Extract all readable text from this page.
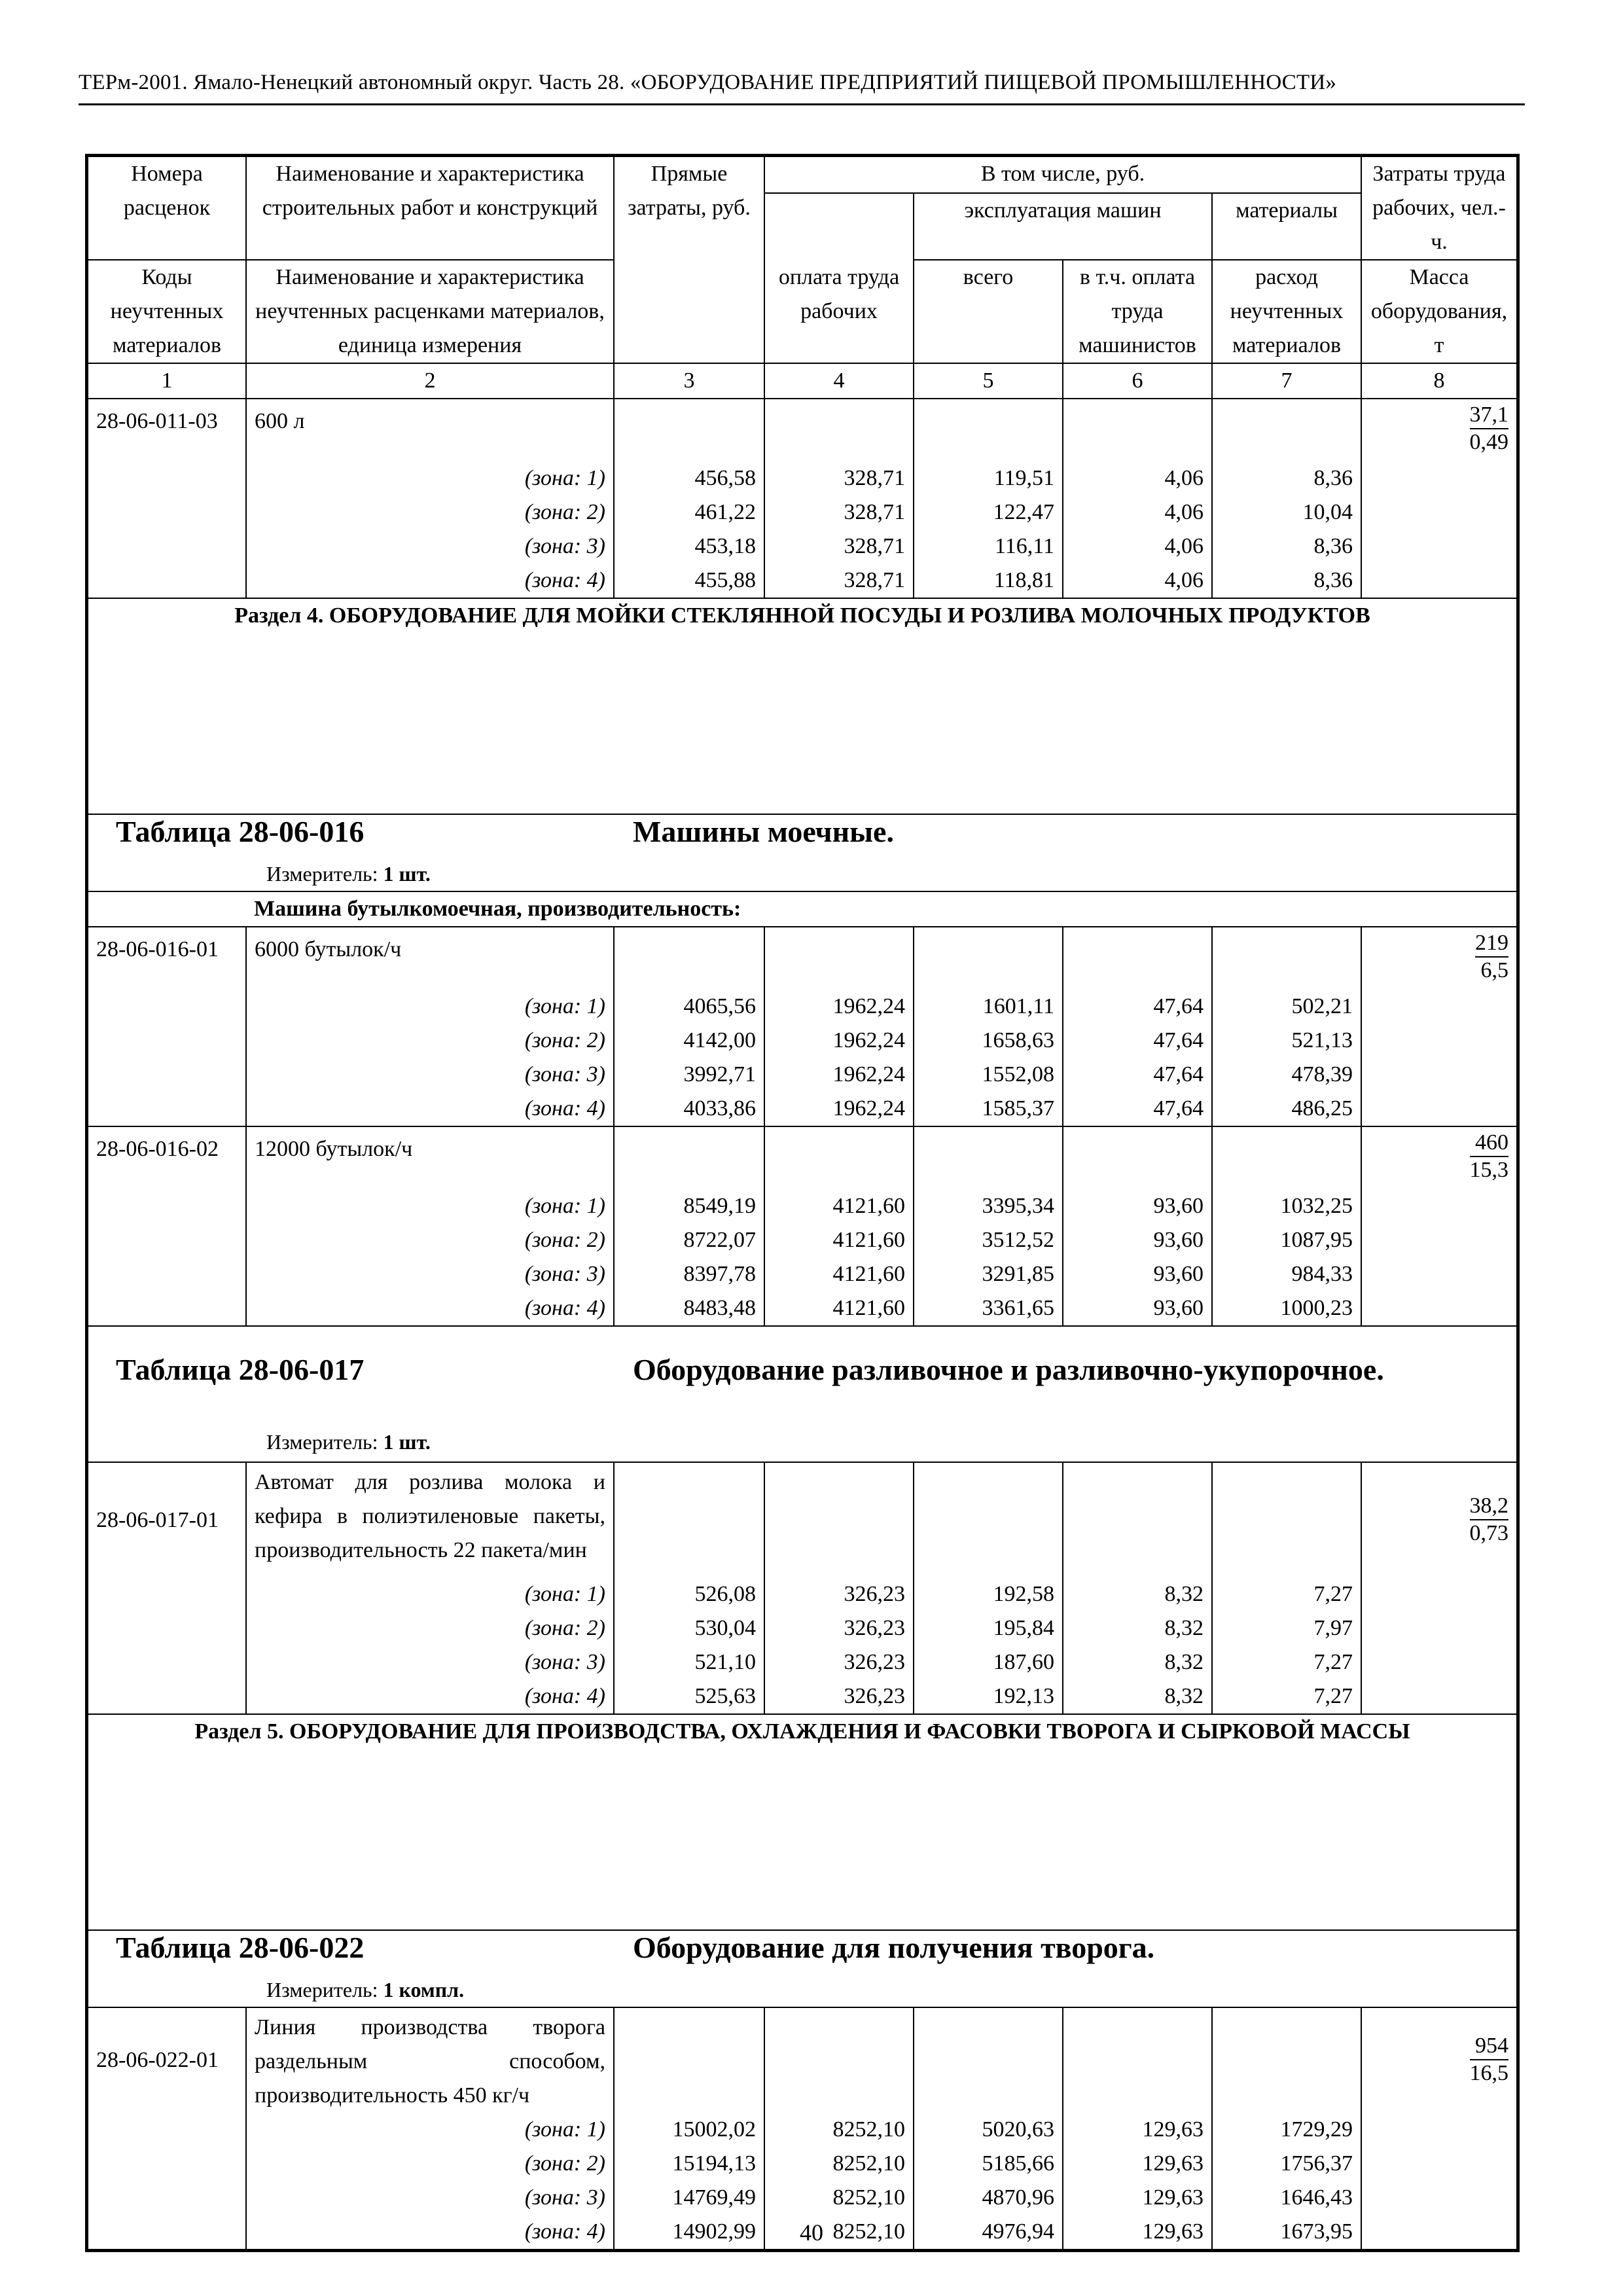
ТЕРм-2001. Ямало-Ненецкий автономный округ. Часть 28. «ОБОРУДОВАНИЕ ПРЕДПРИЯТИЙ ПИЩЕВОЙ ПРОМЫШЛЕННОСТИ»
Номера расценок	Наименование и характеристика строительных работ и конструкций	Прямые затраты, руб.	В том числе, руб.				Затраты труда рабочих, чел.-ч.
				эксплуатация машин		материалы	
Коды неучтенных материалов	Наименование и характеристика неучтенных расценками материалов, единица измерения			всего	в т.ч. оплата труда машинистов	расход неучтенных материалов	Масса оборудования, т
			оплата труда рабочих				
1	2	3	4	5	6	7	8
28-06-011-03	600 л						$\frac{37,1}{0,49}$

	(зона: 1)	456,58	328,71	119,51	4,06	8,36	
	(зона: 2)	461,22	328,71	122,47	4,06	10,04	
	(зона: 3)	453,18	328,71	116,11	4,06	8,36	
	(зона: 4)	455,88	328,71	118,81	4,06	8,36	
Раздел 4. ОБОРУДОВАНИЕ ДЛЯ МОЙКИ СТЕКЛЯННОЙ ПОСУДЫ И РОЗЛИВА МОЛОЧНЫХ ПРОДУКТОВ							

Таблица 28-06-016 Машины моечные.
Измеритель: 1 шт.							

	Машина бутылкомоечная, производительность:						
28-06-016-01	6000 бутылок/ч						$\frac{219}{6,5}$

	(зона: 1)	4065,56	1962,24	1601,11	47,64	502,21	
	(зона: 2)	4142,00	1962,24	1658,63	47,64	521,13	
	(зона: 3)	3992,71	1962,24	1552,08	47,64	478,39	
	(зона: 4)	4033,86	1962,24	1585,37	47,64	486,25	
28-06-016-02	12000 бутылок/ч						$\frac{460}{15,3}$

	(зона: 1)	8549,19	4121,60	3395,34	93,60	1032,25	
	(зона: 2)	8722,07	4121,60	3512,52	93,60	1087,95	
	(зона: 3)	8397,78	4121,60	3291,85	93,60	984,33	
	(зона: 4)	8483,48	4121,60	3361,65	93,60	1000,23	

Таблица 28-06-017 Оборудование разливочное и разливочно-укупорочное.
Измеритель: 1 шт.							

28-06-017-01	Автомат для розлива молока и кефира в полиэтиленовые пакеты, производительность 22 пакета/мин						$\frac{38,2}{0,73}$

	(зона: 1)	526,08	326,23	192,58	8,32	7,27	
	(зона: 2)	530,04	326,23	195,84	8,32	7,97	
	(зона: 3)	521,10	326,23	187,60	8,32	7,27	
	(зона: 4)	525,63	326,23	192,13	8,32	7,27	
Раздел 5. ОБОРУДОВАНИЕ ДЛЯ ПРОИЗВОДСТВА, ОХЛАЖДЕНИЯ И ФАСОВКИ ТВОРОГА И СЫРКОВОЙ МАССЫ							

Таблица 28-06-022 Оборудование для получения творога.
Измеритель: 1 компл.							

28-06-022-01	Линия производства творога раздельным способом, производительность 450 кг/ч						$\frac{954}{16,5}$

	(зона: 1)	15002,02	8252,10	5020,63	129,63	1729,29	
	(зона: 2)	15194,13	8252,10	5185,66	129,63	1756,37	
	(зона: 3)	14769,49	8252,10	4870,96	129,63	1646,43	
	(зона: 4)	14902,99	8252,10	4976,94	129,63	1673,95	
40
